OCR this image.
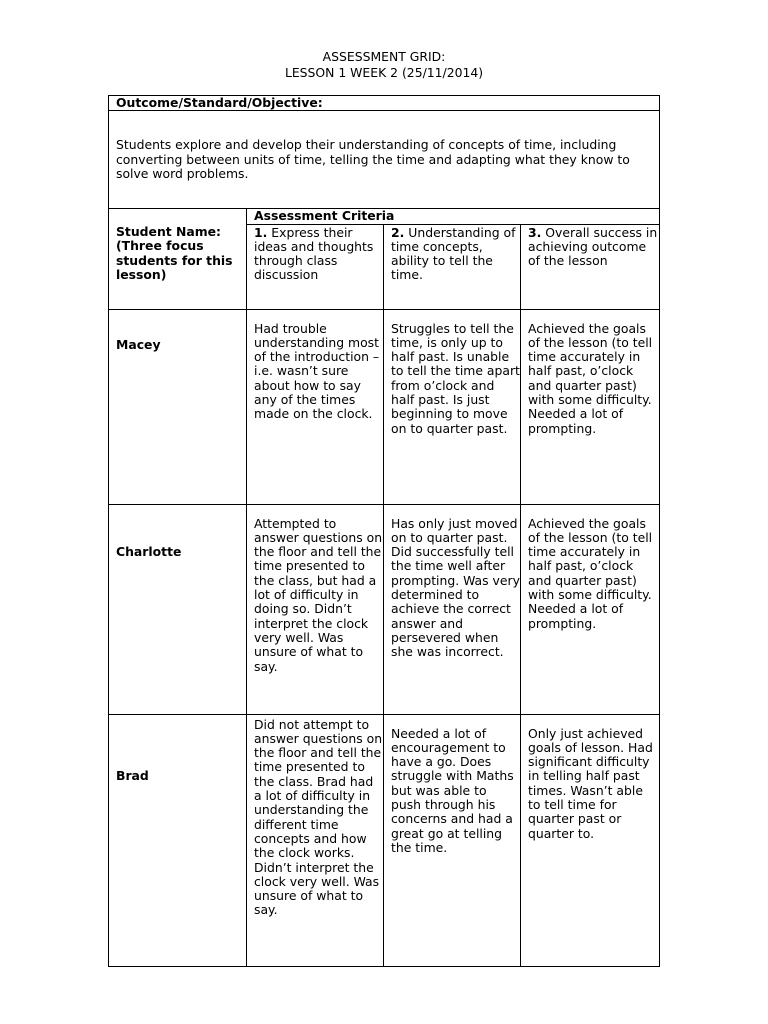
ASSESSMENT GRID:
LESSON 1 WEEK 2 (25/11/2014)
Outcome/Standard/Objective:			
Students explore and develop their understanding of concepts of time, including converting between units of time, telling the time and adapting what they know to solve word problems.			
	Assessment Criteria		
Student Name: (Three focus students for this lesson)	1. Express their ideas and thoughts through class discussion	2. Understanding of time concepts, ability to tell the time.	3. Overall success in achieving outcome of the lesson
Macey	Had trouble understanding most of the introduction – i.e. wasn’t sure about how to say any of the times made on the clock.	Struggles to tell the time, is only up to half past. Is unable to tell the time apart from o’clock and half past. Is just beginning to move on to quarter past.	Achieved the goals of the lesson (to tell time accurately in half past, o’clock and quarter past) with some difficulty. Needed a lot of prompting.
Charlotte	Attempted to answer questions on the floor and tell the time presented to the class, but had a lot of difficulty in doing so. Didn’t interpret the clock very well. Was unsure of what to say.	Has only just moved on to quarter past. Did successfully tell the time well after prompting. Was very determined to achieve the correct answer and persevered when she was incorrect.	Achieved the goals of the lesson (to tell time accurately in half past, o’clock and quarter past) with some difficulty. Needed a lot of prompting.
Brad	Did not attempt to answer questions on the floor and tell the time presented to the class. Brad had a lot of difficulty in understanding the different time concepts and how the clock works. Didn’t interpret the clock very well. Was unsure of what to say.	Needed a lot of encouragement to have a go. Does struggle with Maths but was able to push through his concerns and had a great go at telling the time.	Only just achieved goals of lesson. Had significant difficulty in telling half past times. Wasn’t able to tell time for quarter past or quarter to.
